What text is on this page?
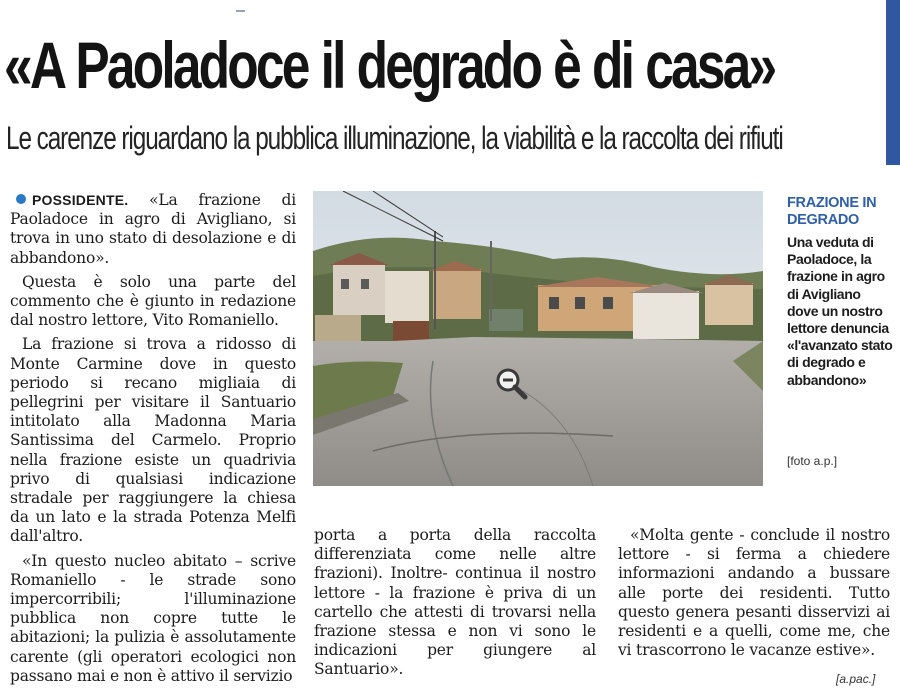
«A Paoladoce il degrado è di casa»
Le carenze riguardano la pubblica illuminazione, la viabilità e la raccolta dei rifiuti

POSSIDENTE. «La frazione di Paoladoce in agro di Avigliano, si trova in uno stato di desolazione e di abbandono».

Questa è solo una parte del commento che è giunto in redazione dal nostro lettore, Vito Romaniello.

La frazione si trova a ridosso di Monte Carmine dove in questo periodo si recano migliaia di pellegrini per visitare il Santuario intitolato alla Madonna Maria Santissima del Carmelo. Proprio nella frazione esiste un quadrivia privo di qualsiasi indicazione stradale per raggiungere la chiesa da un lato e la strada Potenza Melfi dall'altro.

«In questo nucleo abitato – scrive Romaniello - le strade sono impercorribili; l'illuminazione pubblica non copre tutte le abitazioni; la pulizia è assolutamente carente (gli operatori ecologici non passano mai e non è attivo il servizio

FRAZIONE IN DEGRADO
Una veduta di Paoladoce, la frazione in agro di Avigliano dove un nostro lettore denuncia «l'avanzato stato di degrado e abbandono»
[foto a.p.]

porta a porta della raccolta differenziata come nelle altre frazioni). Inoltre- continua il nostro lettore - la frazione è priva di un cartello che attesti di trovarsi nella frazione stessa e non vi sono le indicazioni per giungere al Santuario».

«Molta gente - conclude il nostro lettore - si ferma a chiedere informazioni andando a bussare alle porte dei residenti. Tutto questo genera pesanti disservizi ai residenti e a quelli, come me, che vi trascorrono le vacanze estive».

[a.pac.]
